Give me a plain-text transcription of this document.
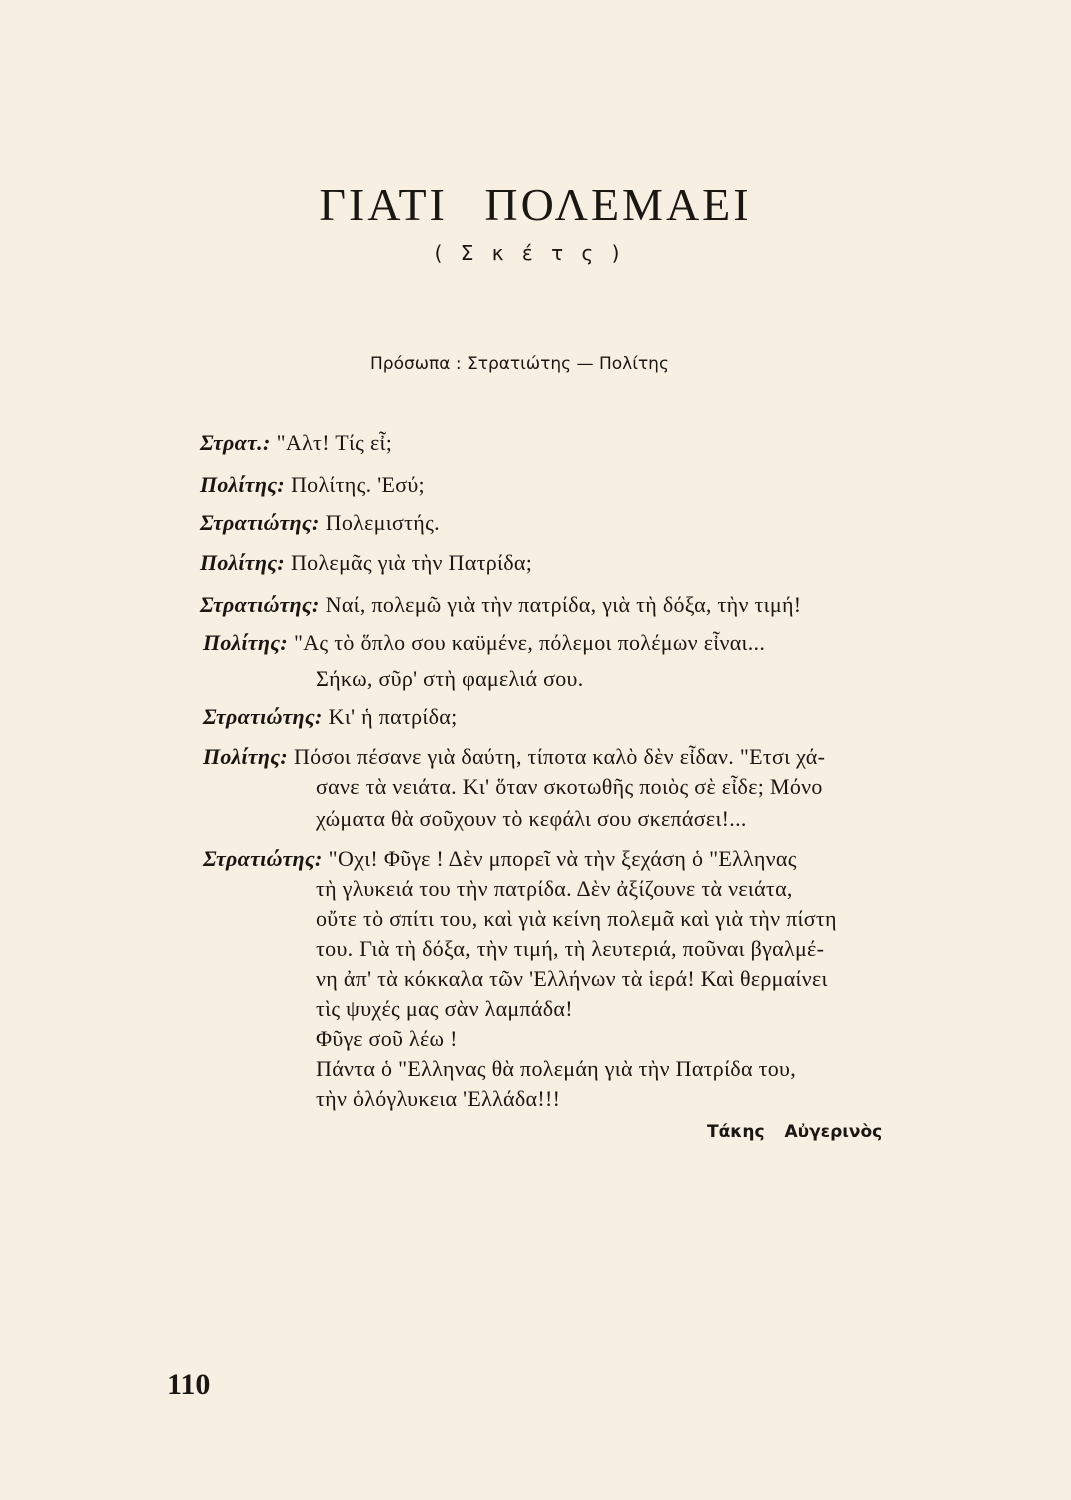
ΓΙΑΤΙ ΠΟΛΕΜΑΕΙ
( Σ κ έ τ ς )
Πρόσωπα : Στρατιώτης — Πολίτης
Στρατ.: "Αλτ! Τίς εἶ;
Πολίτης: Πολίτης. 'Εσύ;
Στρατιώτης: Πολεμιστής.
Πολίτης: Πολεμᾶς γιὰ τὴν Πατρίδα;
Στρατιώτης: Ναί, πολεμῶ γιὰ τὴν πατρίδα, γιὰ τὴ δόξα, τὴν τιμή!
Πολίτης: "Ας τὸ ὅπλο σου καϋμένε, πόλεμοι πολέμων εἶναι...
Σήκω, σῦρ' στὴ φαμελιά σου.
Στρατιώτης: Κι' ἡ πατρίδα;
Πολίτης: Πόσοι πέσανε γιὰ δαύτη, τίποτα καλὸ δὲν εἶδαν. "Ετσι χά-
σανε τὰ νειάτα. Κι' ὅταν σκοτωθῆς ποιὸς σὲ εἶδε; Μόνο
χώματα θὰ σοῦχουν τὸ κεφάλι σου σκεπάσει!...
Στρατιώτης: "Οχι! Φῦγε ! Δὲν μπορεῖ νὰ τὴν ξεχάση ὁ "Ελληνας
τὴ γλυκειά του τὴν πατρίδα. Δὲν ἀξίζουνε τὰ νειάτα,
οὔτε τὸ σπίτι του, καὶ γιὰ κείνη πολεμᾶ καὶ γιὰ τὴν πίστη
του. Γιὰ τὴ δόξα, τὴν τιμή, τὴ λευτεριά, ποῦναι βγαλμέ-
νη ἀπ' τὰ κόκκαλα τῶν 'Ελλήνων τὰ ἱερά! Καὶ θερμαίνει
τὶς ψυχές μας σὰν λαμπάδα!
Φῦγε σοῦ λέω !
Πάντα ὁ "Ελληνας θὰ πολεμάη γιὰ τὴν Πατρίδα του,
τὴν ὁλόγλυκεια 'Ελλάδα!!!
Τάκης Αὐγερινὸς
110
